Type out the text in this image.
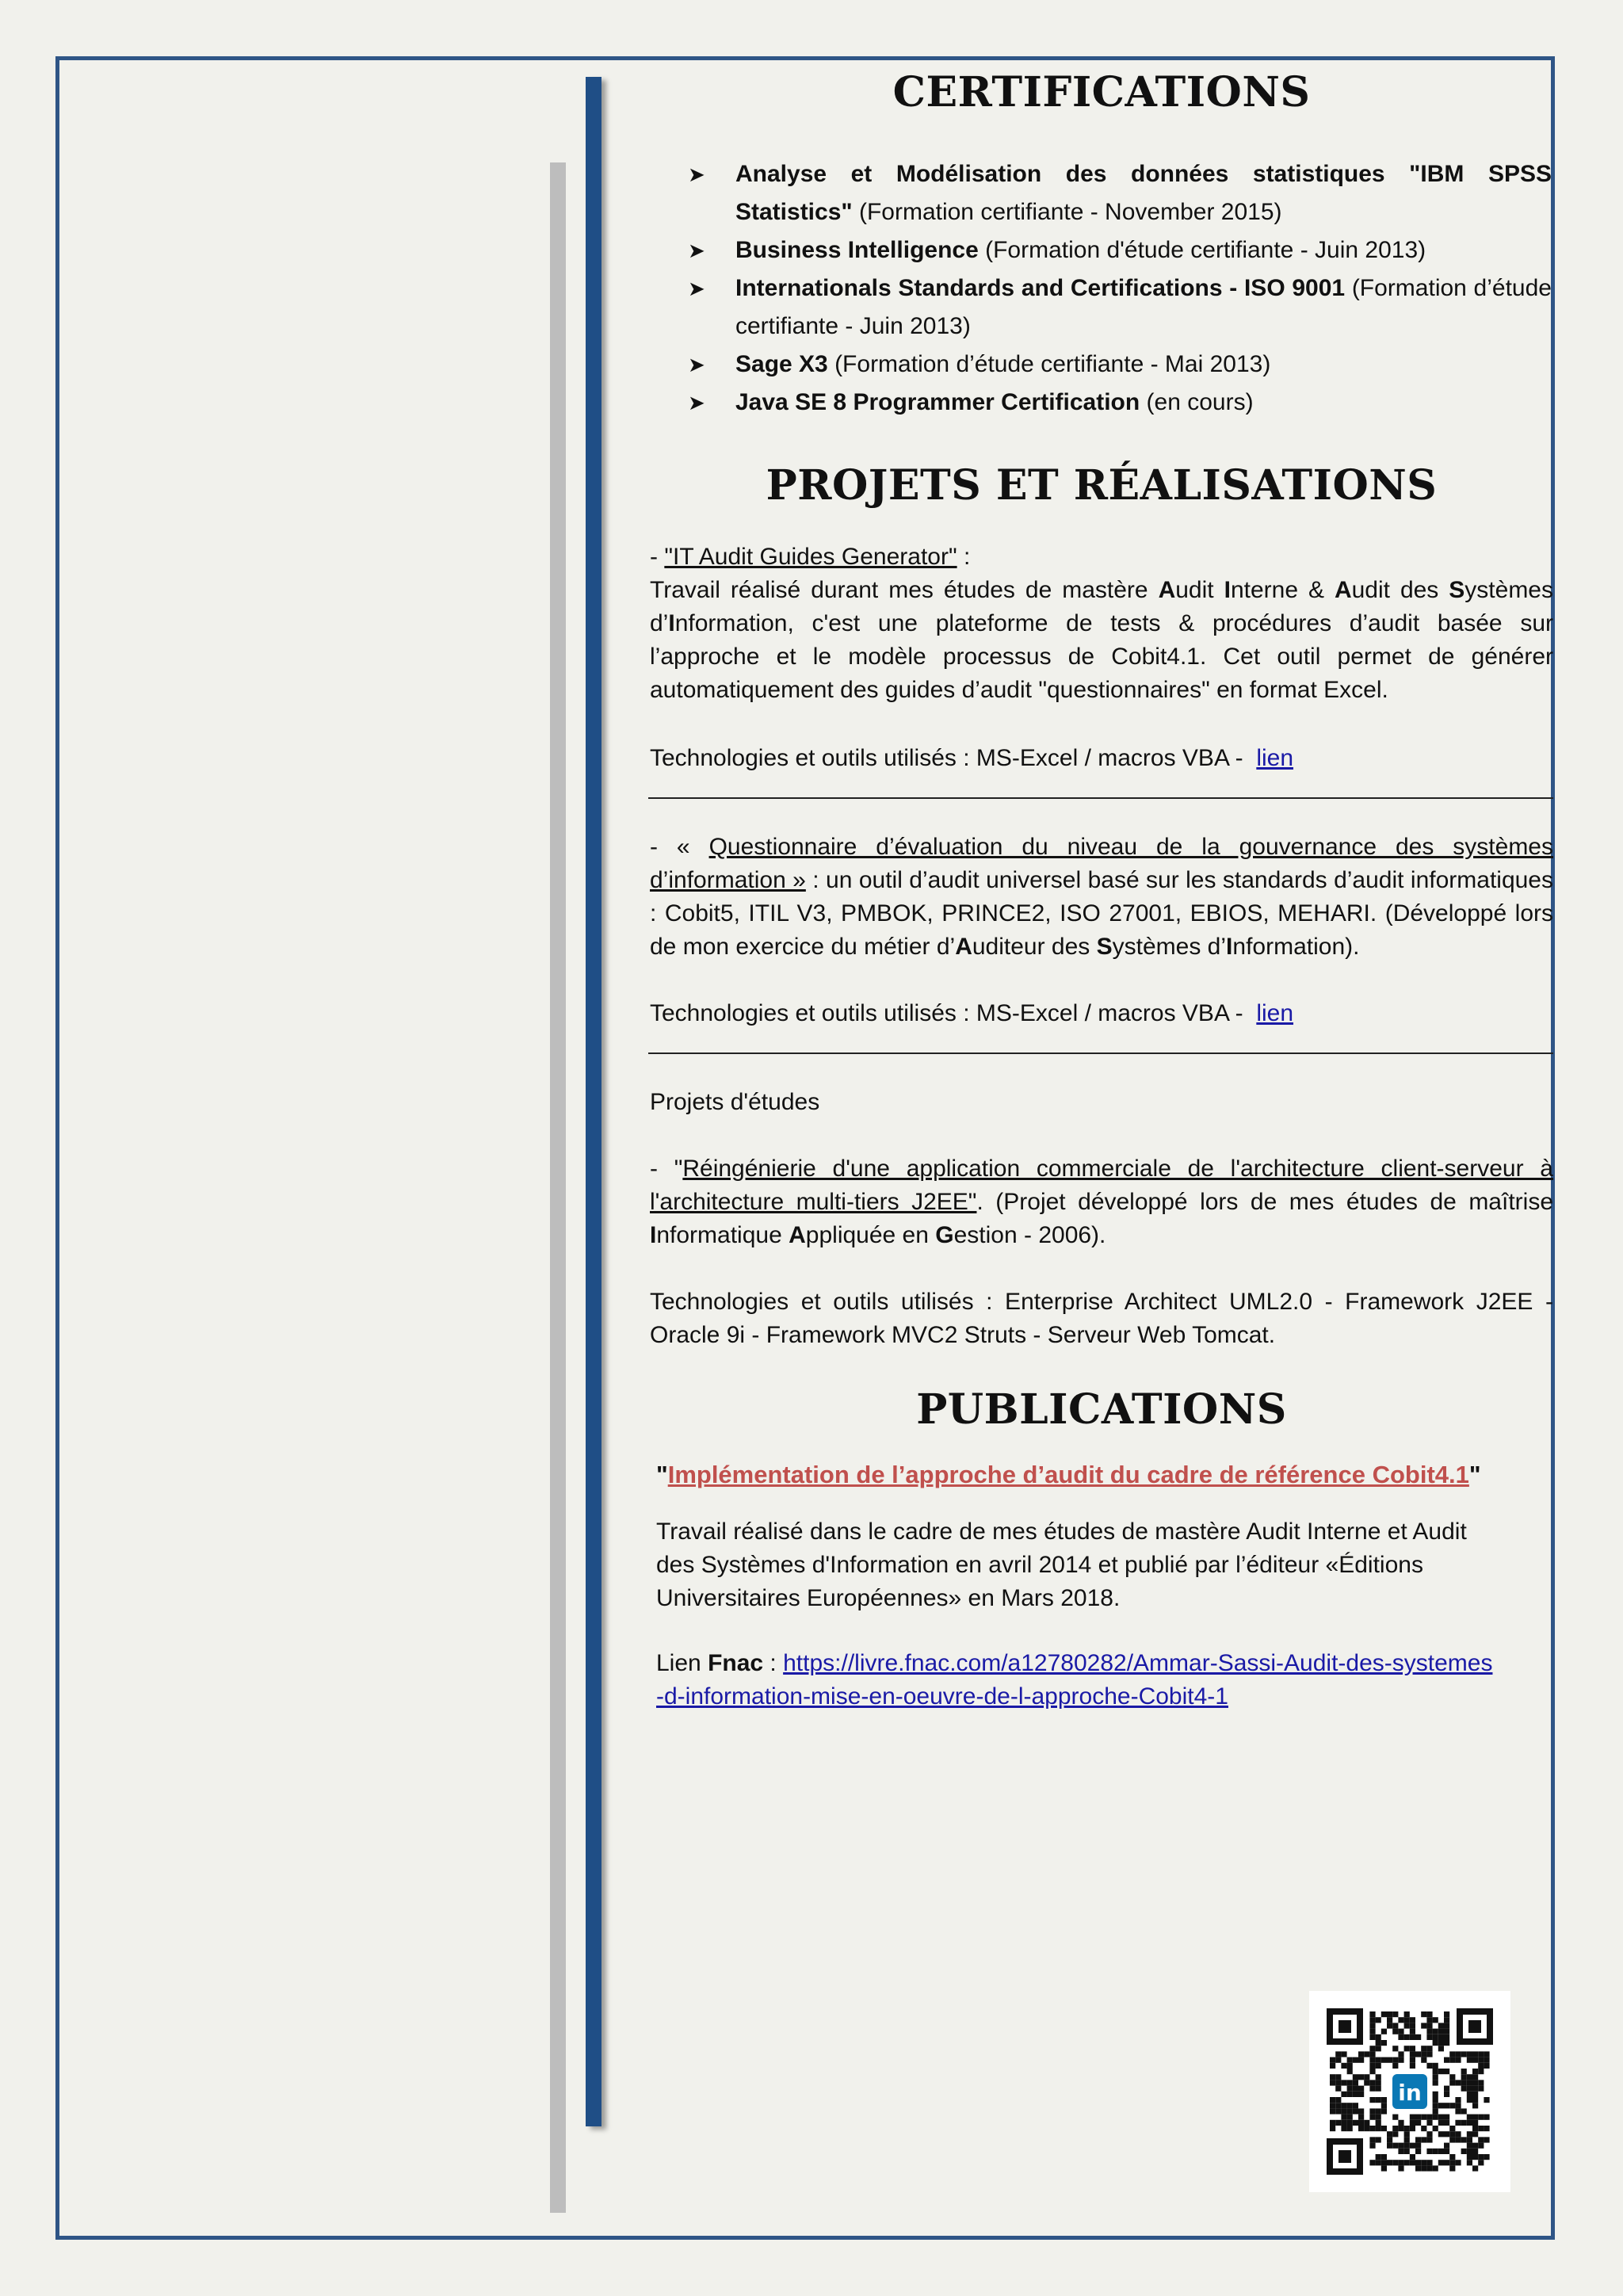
CERTIFICATIONS
➤ Analyse et Modélisation des données statistiques "IBM SPSS Statistics" (Formation certifiante - November 2015)
➤ Business Intelligence (Formation d'étude certifiante - Juin 2013)
➤ Internationals Standards and Certifications - ISO 9001 (Formation d’étude certifiante - Juin 2013)
➤ Sage X3 (Formation d’étude certifiante - Mai 2013)
➤ Java SE 8 Programmer Certification (en cours)
PROJETS ET RÉALISATIONS

- "IT Audit Guides Generator" :

Travail réalisé durant mes études de mastère Audit Interne & Audit des Systèmes d’Information, c'est une plateforme de tests & procédures d’audit basée sur l’approche et le modèle processus de Cobit4.1. Cet outil permet de générer automatiquement des guides d’audit "questionnaires" en format Excel.

Technologies et outils utilisés : MS-Excel / macros VBA -  lien

- « Questionnaire d’évaluation du niveau de la gouvernance des systèmes d’information » : un outil d’audit universel basé sur les standards d’audit informatiques : Cobit5, ITIL V3, PMBOK, PRINCE2, ISO 27001, EBIOS, MEHARI. (Développé lors de mon exercice du métier d’Auditeur des Systèmes d’Information).

Technologies et outils utilisés : MS-Excel / macros VBA -  lien

Projets d'études

- "Réingénierie d'une application commerciale de l'architecture client-serveur à l'architecture multi-tiers J2EE". (Projet développé lors de mes études de maîtrise Informatique Appliquée en Gestion - 2006).

Technologies et outils utilisés : Enterprise Architect UML2.0 - Framework J2EE - Oracle 9i - Framework MVC2 Struts - Serveur Web Tomcat.

PUBLICATIONS

"Implémentation de l’approche d’audit du cadre de référence Cobit4.1"

Travail réalisé dans le cadre de mes études de mastère Audit Interne et Audit des Systèmes d'Information en avril 2014 et publié par l’éditeur «Éditions Universitaires Européennes» en Mars 2018.

Lien Fnac : https://livre.fnac.com/a12780282/Ammar-Sassi-Audit-des-systemes-d-information-mise-en-oeuvre-de-l-approche-Cobit4-1

in
